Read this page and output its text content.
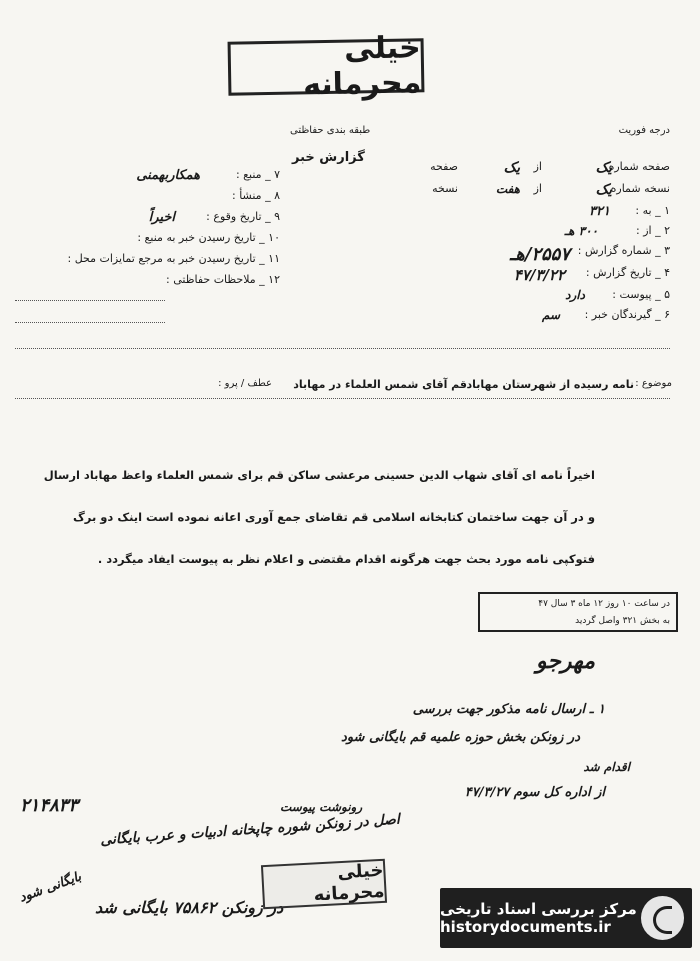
خیلی محرمانه
طبقه بندی حفاظتی	درجه فوریت
گزارش خبر
۷ _ منبع :
همکاربهمنی
۸ _ منشأ :
۹ _ تاریخ وقوع :
اخیراً
۱۰ _ تاریخ رسیدن خبر به منبع :
۱۱ _ تاریخ رسیدن خبر به مرجع تمایزات محل :
۱۲ _ ملاحظات حفاظتی :
صفحه شماره
یک
از
یک
صفحه
نسخه شماره
یک
از
هفت
نسخه
۱ _ به :
۳۲۱
۲ _ از :
۳۰۰ هـ
۳ _ شماره گزارش :
۲۵۵۷/هـ
۴ _ تاریخ گزارش :
۴۷/۳/۲۲
۵ _ پیوست :
دارد
۶ _ گیرندگان خبر :
سم
موضوع :
نامه رسیده از شهرستان مهاباد
قم آقای شمس العلماء در مهاباد
عطف / پرو :
اخیراً نامه ای آقای شهاب الدین حسینی مرعشی ساکن قم برای شمس العلماء واعظ مهاباد ارسال
و در آن جهت ساختمان کتابخانه اسلامی قم تقاضای جمع آوری اعانه نموده است اینک دو برگ
فتوکپی نامه مورد بحث جهت هرگونه اقدام مقتضی و اعلام نظر به پیوست ایفاد میگردد .
در ساعت ۱۰ روز ۱۲ ماه ۳ سال ۴۷
به بخش ۳۲۱ واصل گردید
مهرجو
۱ ـ ارسال نامه مذکور جهت بررسی
در زونکن بخش حوزه علمیه قم بایگانی شود
اقدام شد
از اداره کل سوم ۴۷/۳/۲۷
۲۱۴۸۳۳	رونوشت پیوست
اصل در زونکن شوره چاپخانه ادبیات و عرب بایگانی
در زونکن ۷۵۸۶۲ بایگانی شد
بایگانی شود	خیلی محرمانه
مرکز بررسی اسناد تاریخی
historydocuments.ir
